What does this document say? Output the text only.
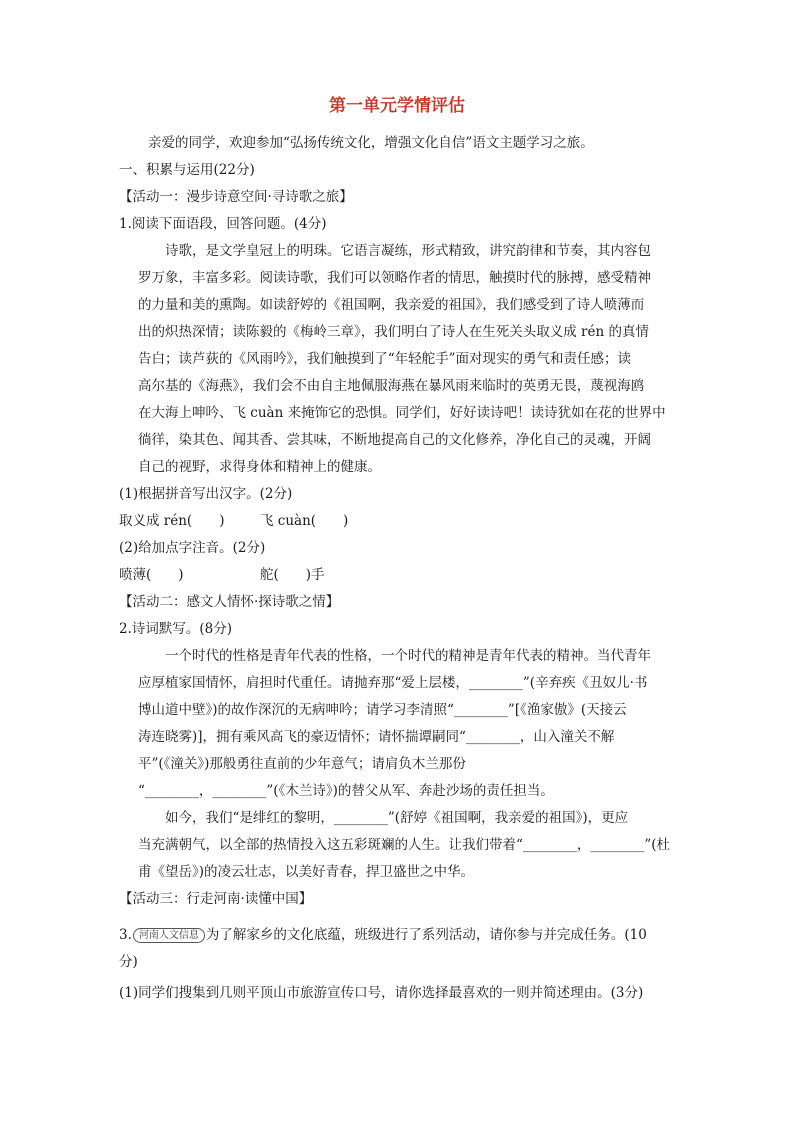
第一单元学情评估
亲爱的同学，欢迎参加“弘扬传统文化，增强文化自信”语文主题学习之旅。
一、积累与运用(22分)
【活动一：漫步诗意空间·寻诗歌之旅】
1.阅读下面语段，回答问题。(4分)
诗歌，是文学皇冠上的明珠。它语言凝练，形式精致，讲究韵律和节奏，其内容包
罗万象，丰富多彩。阅读诗歌，我们可以领略作者的情思，触摸时代的脉搏，感受精神
的力量和美的熏陶。如读舒婷的《祖国啊，我亲爱的祖国》，我们感受到了诗人喷薄而
出的炽热深情；读陈毅的《梅岭三章》，我们明白了诗人在生死关头取义成 rén 的真情
告白；读芦荻的《风雨吟》，我们触摸到了“年轻舵手”面对现实的勇气和责任感；读
高尔基的《海燕》，我们会不由自主地佩服海燕在暴风雨来临时的英勇无畏，蔑视海鸥
在大海上呻吟、飞 cuàn 来掩饰它的恐惧。同学们，好好读诗吧！读诗犹如在花的世界中
徜徉，染其色、闻其香、尝其味，不断地提高自己的文化修养，净化自己的灵魂，开阔
自己的视野，求得身体和精神上的健康。
(1)根据拼音写出汉字。(2分)
取义成 rén(　　)	飞 cuàn(　　)
(2)给加点字注音。(2分)
喷薄(　　)	舵(　　)手
【活动二：感文人情怀·探诗歌之情】
2.诗词默写。(8分)
一个时代的性格是青年代表的性格，一个时代的精神是青年代表的精神。当代青年
应厚植家国情怀，肩担时代重任。请抛弃那“爱上层楼，________”(辛弃疾《丑奴儿·书
博山道中壁》)的故作深沉的无病呻吟；请学习李清照“________”[《渔家傲》(天接云
涛连晓雾)]，拥有乘风高飞的豪迈情怀；请怀揣谭嗣同“________，山入潼关不解
平”(《潼关》)那般勇往直前的少年意气；请肩负木兰那份
“________，________”(《木兰诗》)的替父从军、奔赴沙场的责任担当。
如今，我们“是绯红的黎明，________”(舒婷《祖国啊，我亲爱的祖国》)，更应
当充满朝气，以全部的热情投入这五彩斑斓的人生。让我们带着“________，________”(杜
甫《望岳》)的凌云壮志，以美好青春，捍卫盛世之中华。
【活动三：行走河南·读懂中国】
3. 河南人文信息 为了解家乡的文化底蕴，班级进行了系列活动，请你参与并完成任务。(10
分)
(1)同学们搜集到几则平顶山市旅游宣传口号，请你选择最喜欢的一则并简述理由。(3分)
